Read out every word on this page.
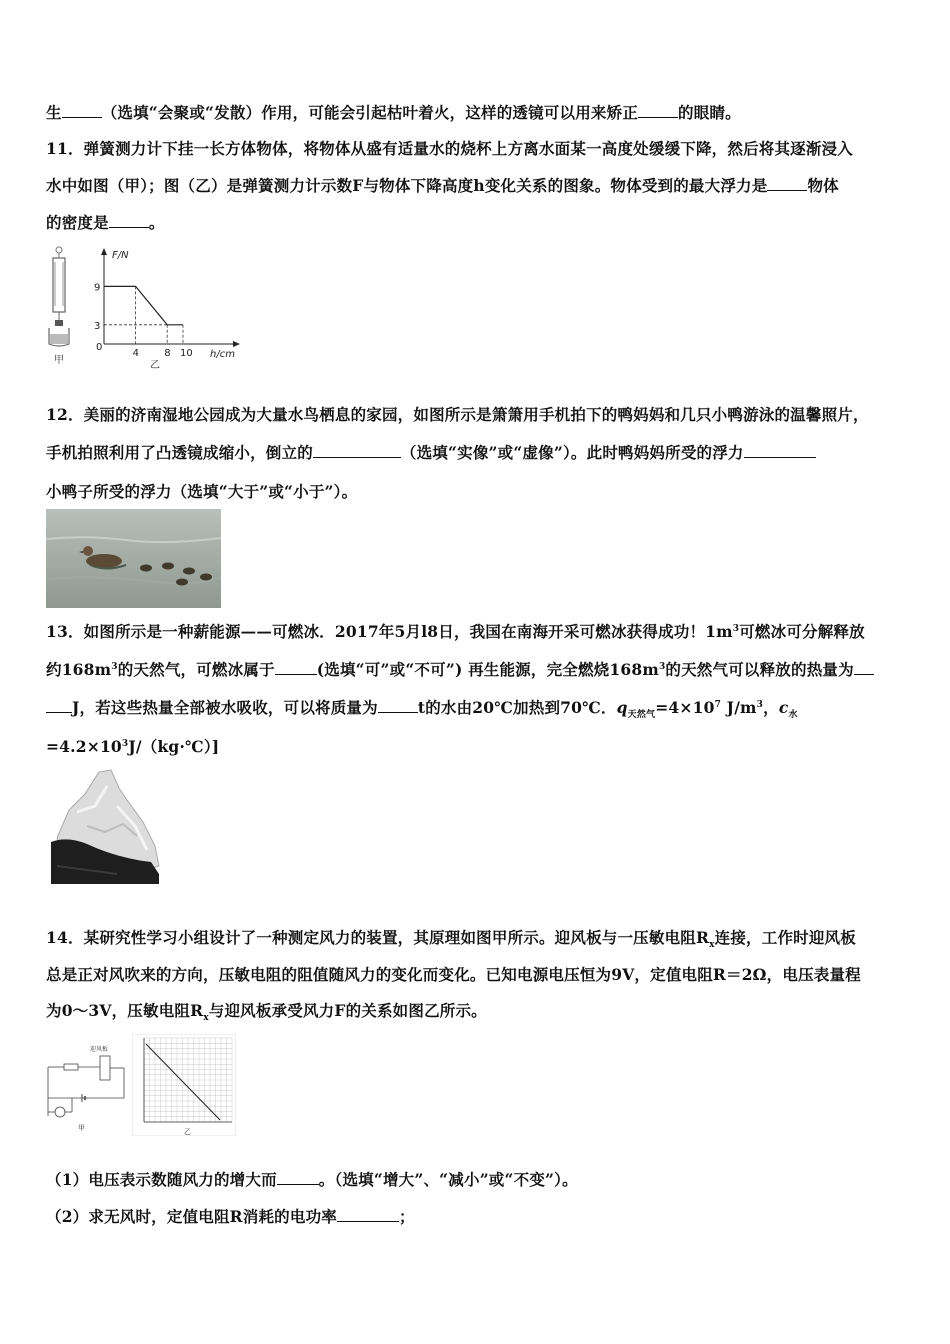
生	（选填“会聚或“发散）作用，可能会引起枯叶着火，这样的透镜可以用来矫正	的眼睛。
11．弹簧测力计下挂一长方体物体，将物体从盛有适量水的烧杯上方离水面某一高度处缓缓下降，然后将其逐渐浸入
水中如图（甲）；图（乙）是弹簧测力计示数F与物体下降高度h变化关系的图象。物体受到的最大浮力是	物体
的密度是	。
甲
F/N
h/cm
0
乙
4	8 10
9
3
12．美丽的济南湿地公园成为大量水鸟栖息的家园，如图所示是箫箫用手机拍下的鸭妈妈和几只小鸭游泳的温馨照片，
手机拍照利用了凸透镜成缩小，倒立的	（选填“实像”或“虚像”）。此时鸭妈妈所受的浮力
小鸭子所受的浮力（选填“大于”或“小于”）。
13．如图所示是一种薪能源——可燃冰．2017年5月l8日，我国在南海开采可燃冰获得成功！$1m^3$可燃冰可分解释放
约$168m^3$的天然气，可燃冰属于	(选填“可”或“不可”) 再生能源，完全燃烧$168m^3$的天然气可以释放的热量为
J，若这些热量全部被水吸收，可以将质量为	t的水由20℃加热到70℃．$q_{天然气}=4\times 10^7$ $J/m^3$，$c_水$
$=4.2\times 10^3J/(kg\cdot℃)$]
14．某研究性学习小组设计了一种测定风力的装置，其原理如图甲所示。迎风板与一压敏电阻$R_x$连接，工作时迎风板
总是正对风吹来的方向，压敏电阻的阻值随风力的变化而变化。已知电源电压恒为9V，定值电阻R＝2Ω，电压表量程
为0～3V，压敏电阻$R_x$与迎风板承受风力F的关系如图乙所示。
迎风板
甲	乙
（1）电压表示数随风力的增大而	。（选填“增大”、“减小”或“不变”）。
（2）求无风时，定值电阻R消耗的电功率	；
